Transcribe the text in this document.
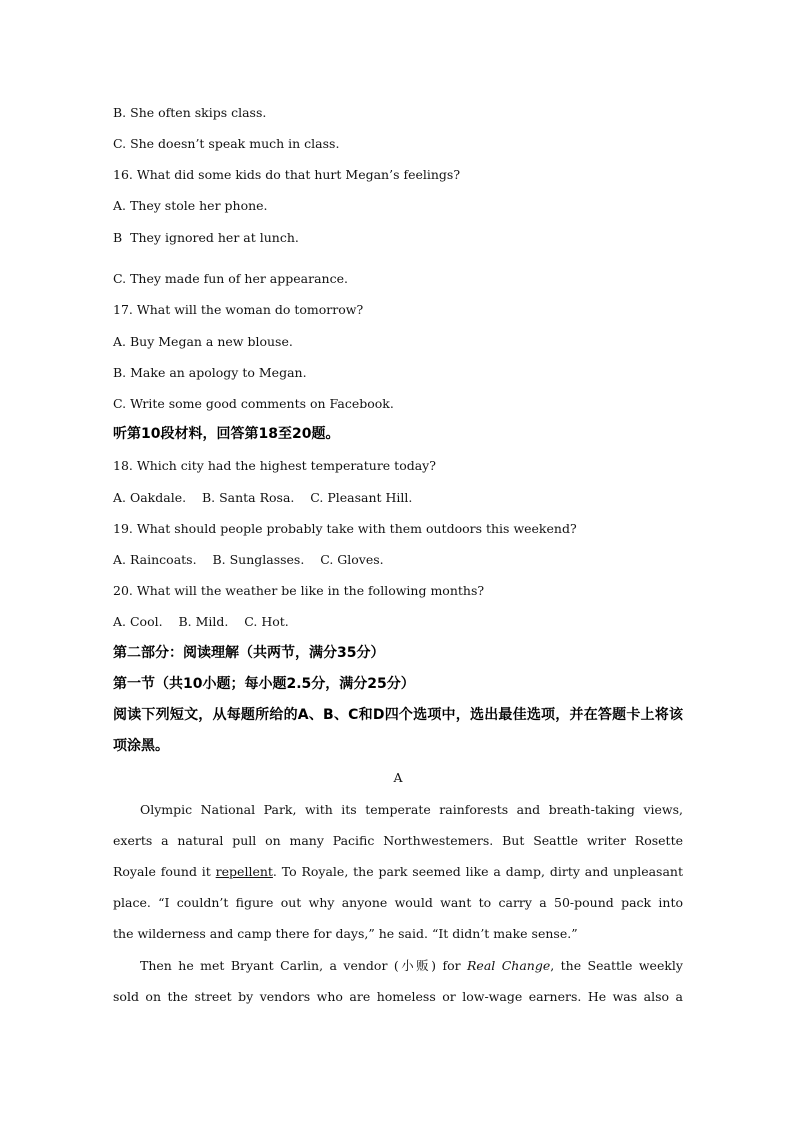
B. She often skips class.
C. She doesn’t speak much in class.
16. What did some kids do that hurt Megan’s feelings?
A. They stole her phone.
B  They ignored her at lunch.
C. They made fun of her appearance.
17. What will the woman do tomorrow?
A. Buy Megan a new blouse.
B. Make an apology to Megan.
C. Write some good comments on Facebook.
听第10段材料，回答第18至20题。
18. Which city had the highest temperature today?
A. Oakdale.    B. Santa Rosa.    C. Pleasant Hill.
19. What should people probably take with them outdoors this weekend?
A. Raincoats.    B. Sunglasses.    C. Gloves.
20. What will the weather be like in the following months?
A. Cool.    B. Mild.    C. Hot.
第二部分：阅读理解（共两节，满分35分）
第一节（共10小题；每小题2.5分，满分25分）
阅读下列短文，从每题所给的A、B、C和D四个选项中，选出最佳选项，并在答题卡上将该
项涂黑。
A
Olympic National Park, with its temperate rainforests and breath-taking views,
exerts a natural pull on many Pacific Northwestemers. But Seattle writer Rosette
Royale found it repellent. To Royale, the park seemed like a damp, dirty and unpleasant
place. “I couldn’t figure out why anyone would want to carry a 50-pound pack into
the wilderness and camp there for days,” he said. “It didn’t make sense.”
Then he met Bryant Carlin, a vendor (小贩) for Real Change, the Seattle weekly
sold on the street by vendors who are homeless or low-wage earners. He was also a
